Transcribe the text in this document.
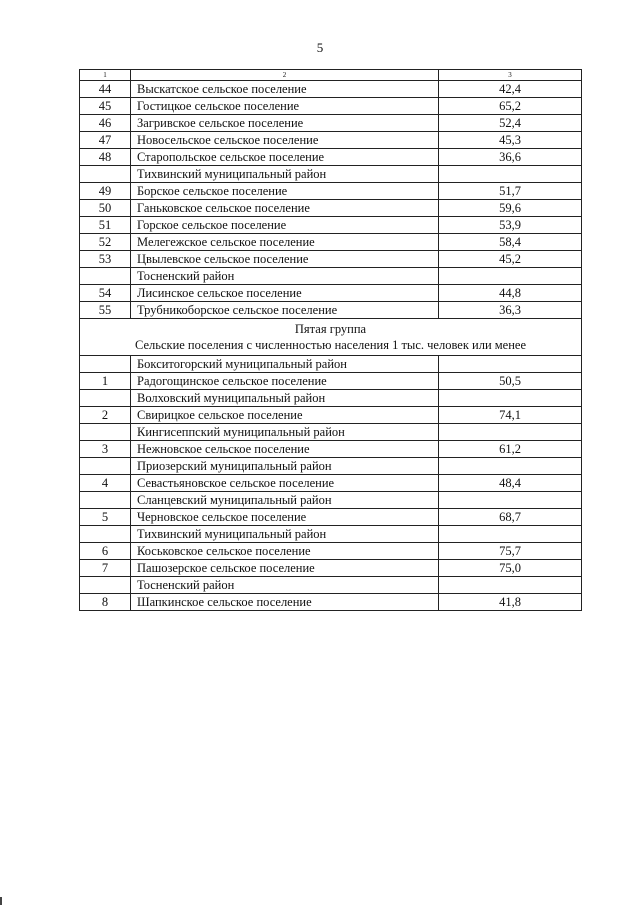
5
1	2	3
44	Выскатское сельское поселение	42,4
45	Гостицкое сельское поселение	65,2
46	Загривское сельское поселение	52,4
47	Новосельское сельское поселение	45,3
48	Старопольское сельское поселение	36,6
	Тихвинский муниципальный район	
49	Борское сельское поселение	51,7
50	Ганьковское сельское поселение	59,6
51	Горское сельское поселение	53,9
52	Мелегежское сельское поселение	58,4
53	Цвылевское сельское поселение	45,2
	Тосненский район	
54	Лисинское сельское поселение	44,8
55	Трубникоборское сельское поселение	36,3

Пятая группа
Сельские поселения с численностью населения 1 тыс. человек или менее		

	Бокситогорский муниципальный район	
1	Радогощинское сельское поселение	50,5
	Волховский муниципальный район	
2	Свирицкое сельское поселение	74,1
	Кингисеппский муниципальный район	
3	Нежновское сельское поселение	61,2
	Приозерский муниципальный район	
4	Севастьяновское сельское поселение	48,4
	Сланцевский муниципальный район	
5	Черновское сельское поселение	68,7
	Тихвинский муниципальный район	
6	Коськовское сельское поселение	75,7
7	Пашозерское сельское поселение	75,0
	Тосненский район	
8	Шапкинское сельское поселение	41,8
